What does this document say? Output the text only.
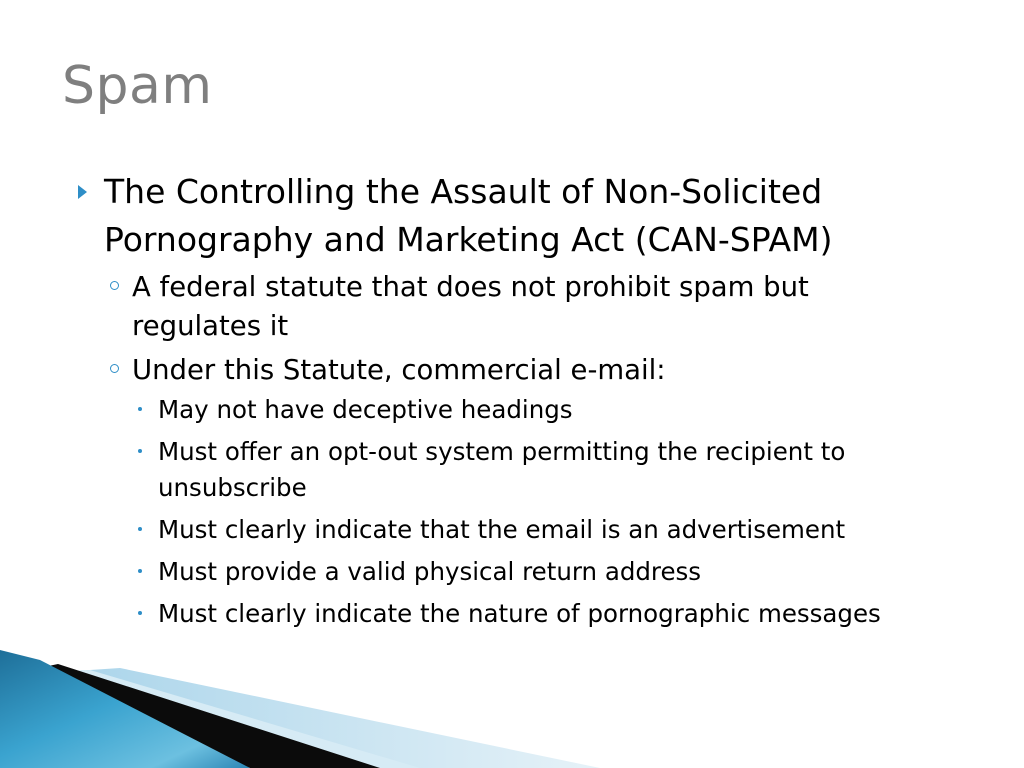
Spam
The Controlling the Assault of Non-Solicited Pornography and Marketing Act (CAN-SPAM)
A federal statute that does not prohibit spam but regulates it
Under this Statute, commercial e-mail:
May not have deceptive headings
Must offer an opt-out system permitting the recipient to unsubscribe
Must clearly indicate that the email is an advertisement
Must provide a valid physical return address
Must clearly indicate the nature of pornographic messages
